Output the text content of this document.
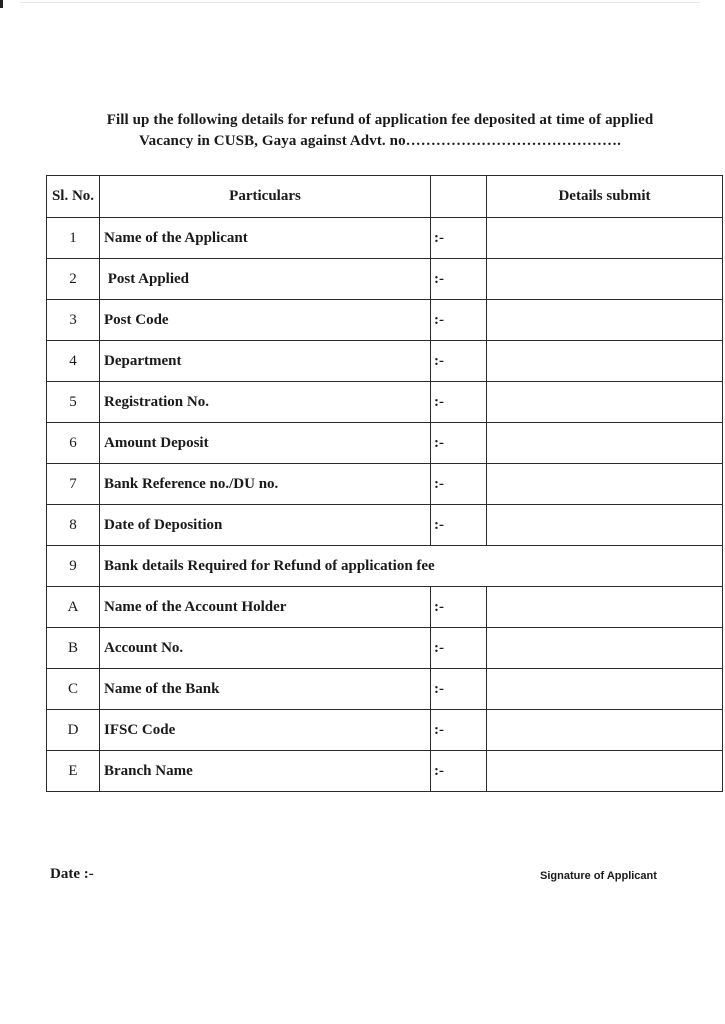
Fill up the following details for refund of application fee deposited at time of applied
Vacancy in CUSB, Gaya against Advt. no…………………………………….
Sl. No.	Particulars		Details submit
1	Name of the Applicant	:-	
2	Post Applied	:-	
3	Post Code	:-	
4	Department	:-	
5	Registration No.	:-	
6	Amount Deposit	:-	
7	Bank Reference no./DU no.	:-	
8	Date of Deposition	:-	
9	Bank details Required for Refund of application fee		
A	Name of the Account Holder	:-	
B	Account No.	:-	
C	Name of the Bank	:-	
D	IFSC Code	:-	
E	Branch Name	:-	
Date :-	Signature of Applicant
